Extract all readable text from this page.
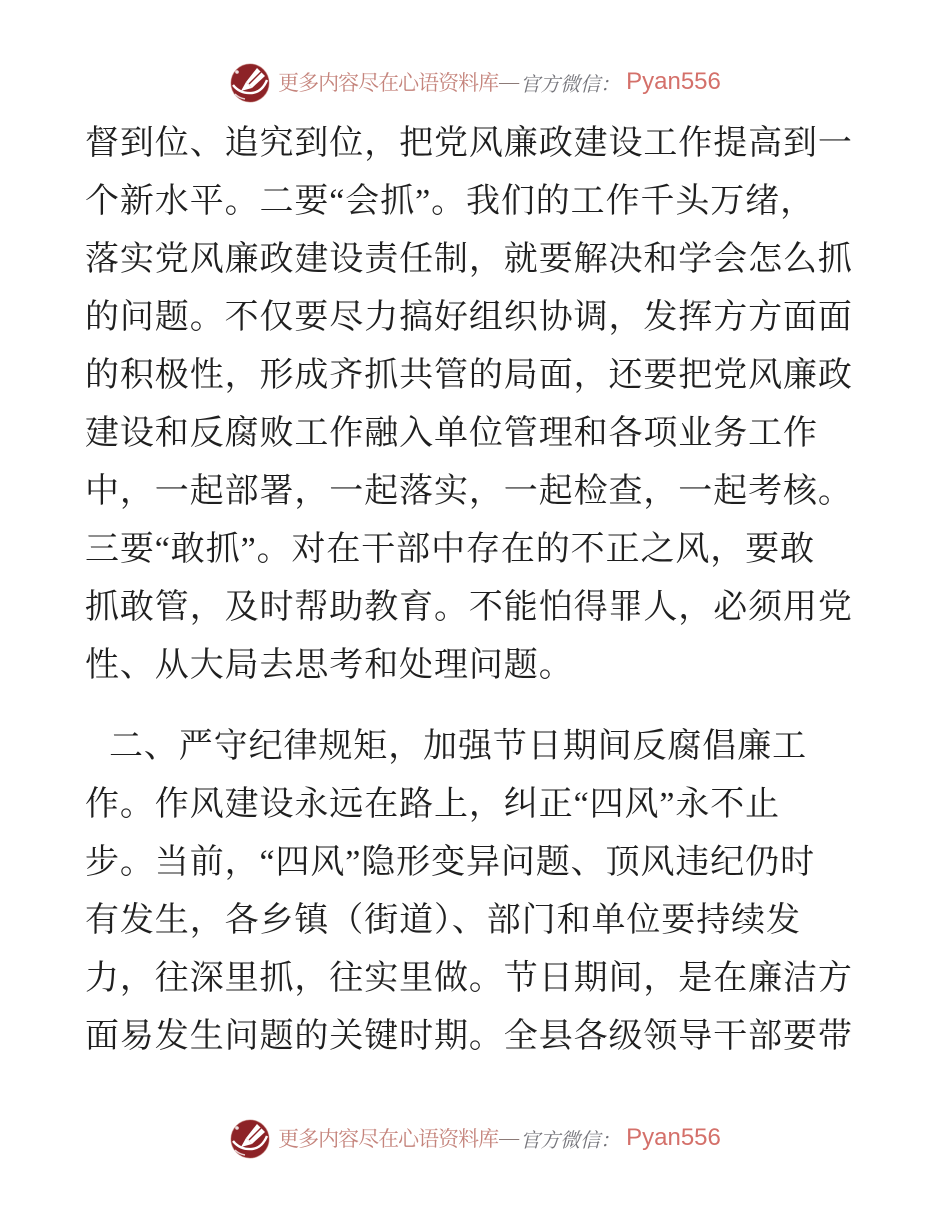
更多内容尽在心语资料库 — 官方微信： Pyan556
督到位、追究到位，把党风廉政建设工作提高到一
个新水平。二要“会抓”。我们的工作千头万绪，
落实党风廉政建设责任制，就要解决和学会怎么抓
的问题。不仅要尽力搞好组织协调，发挥方方面面
的积极性，形成齐抓共管的局面，还要把党风廉政
建设和反腐败工作融入单位管理和各项业务工作
中，一起部署，一起落实，一起检查，一起考核。
三要“敢抓”。对在干部中存在的不正之风，要敢
抓敢管，及时帮助教育。不能怕得罪人，必须用党
性、从大局去思考和处理问题。
二、严守纪律规矩，加强节日期间反腐倡廉工
作。作风建设永远在路上，纠正“四风”永不止
步。当前，“四风”隐形变异问题、顶风违纪仍时
有发生，各乡镇（街道）、部门和单位要持续发
力，往深里抓，往实里做。节日期间，是在廉洁方
面易发生问题的关键时期。全县各级领导干部要带
更多内容尽在心语资料库 — 官方微信： Pyan556
